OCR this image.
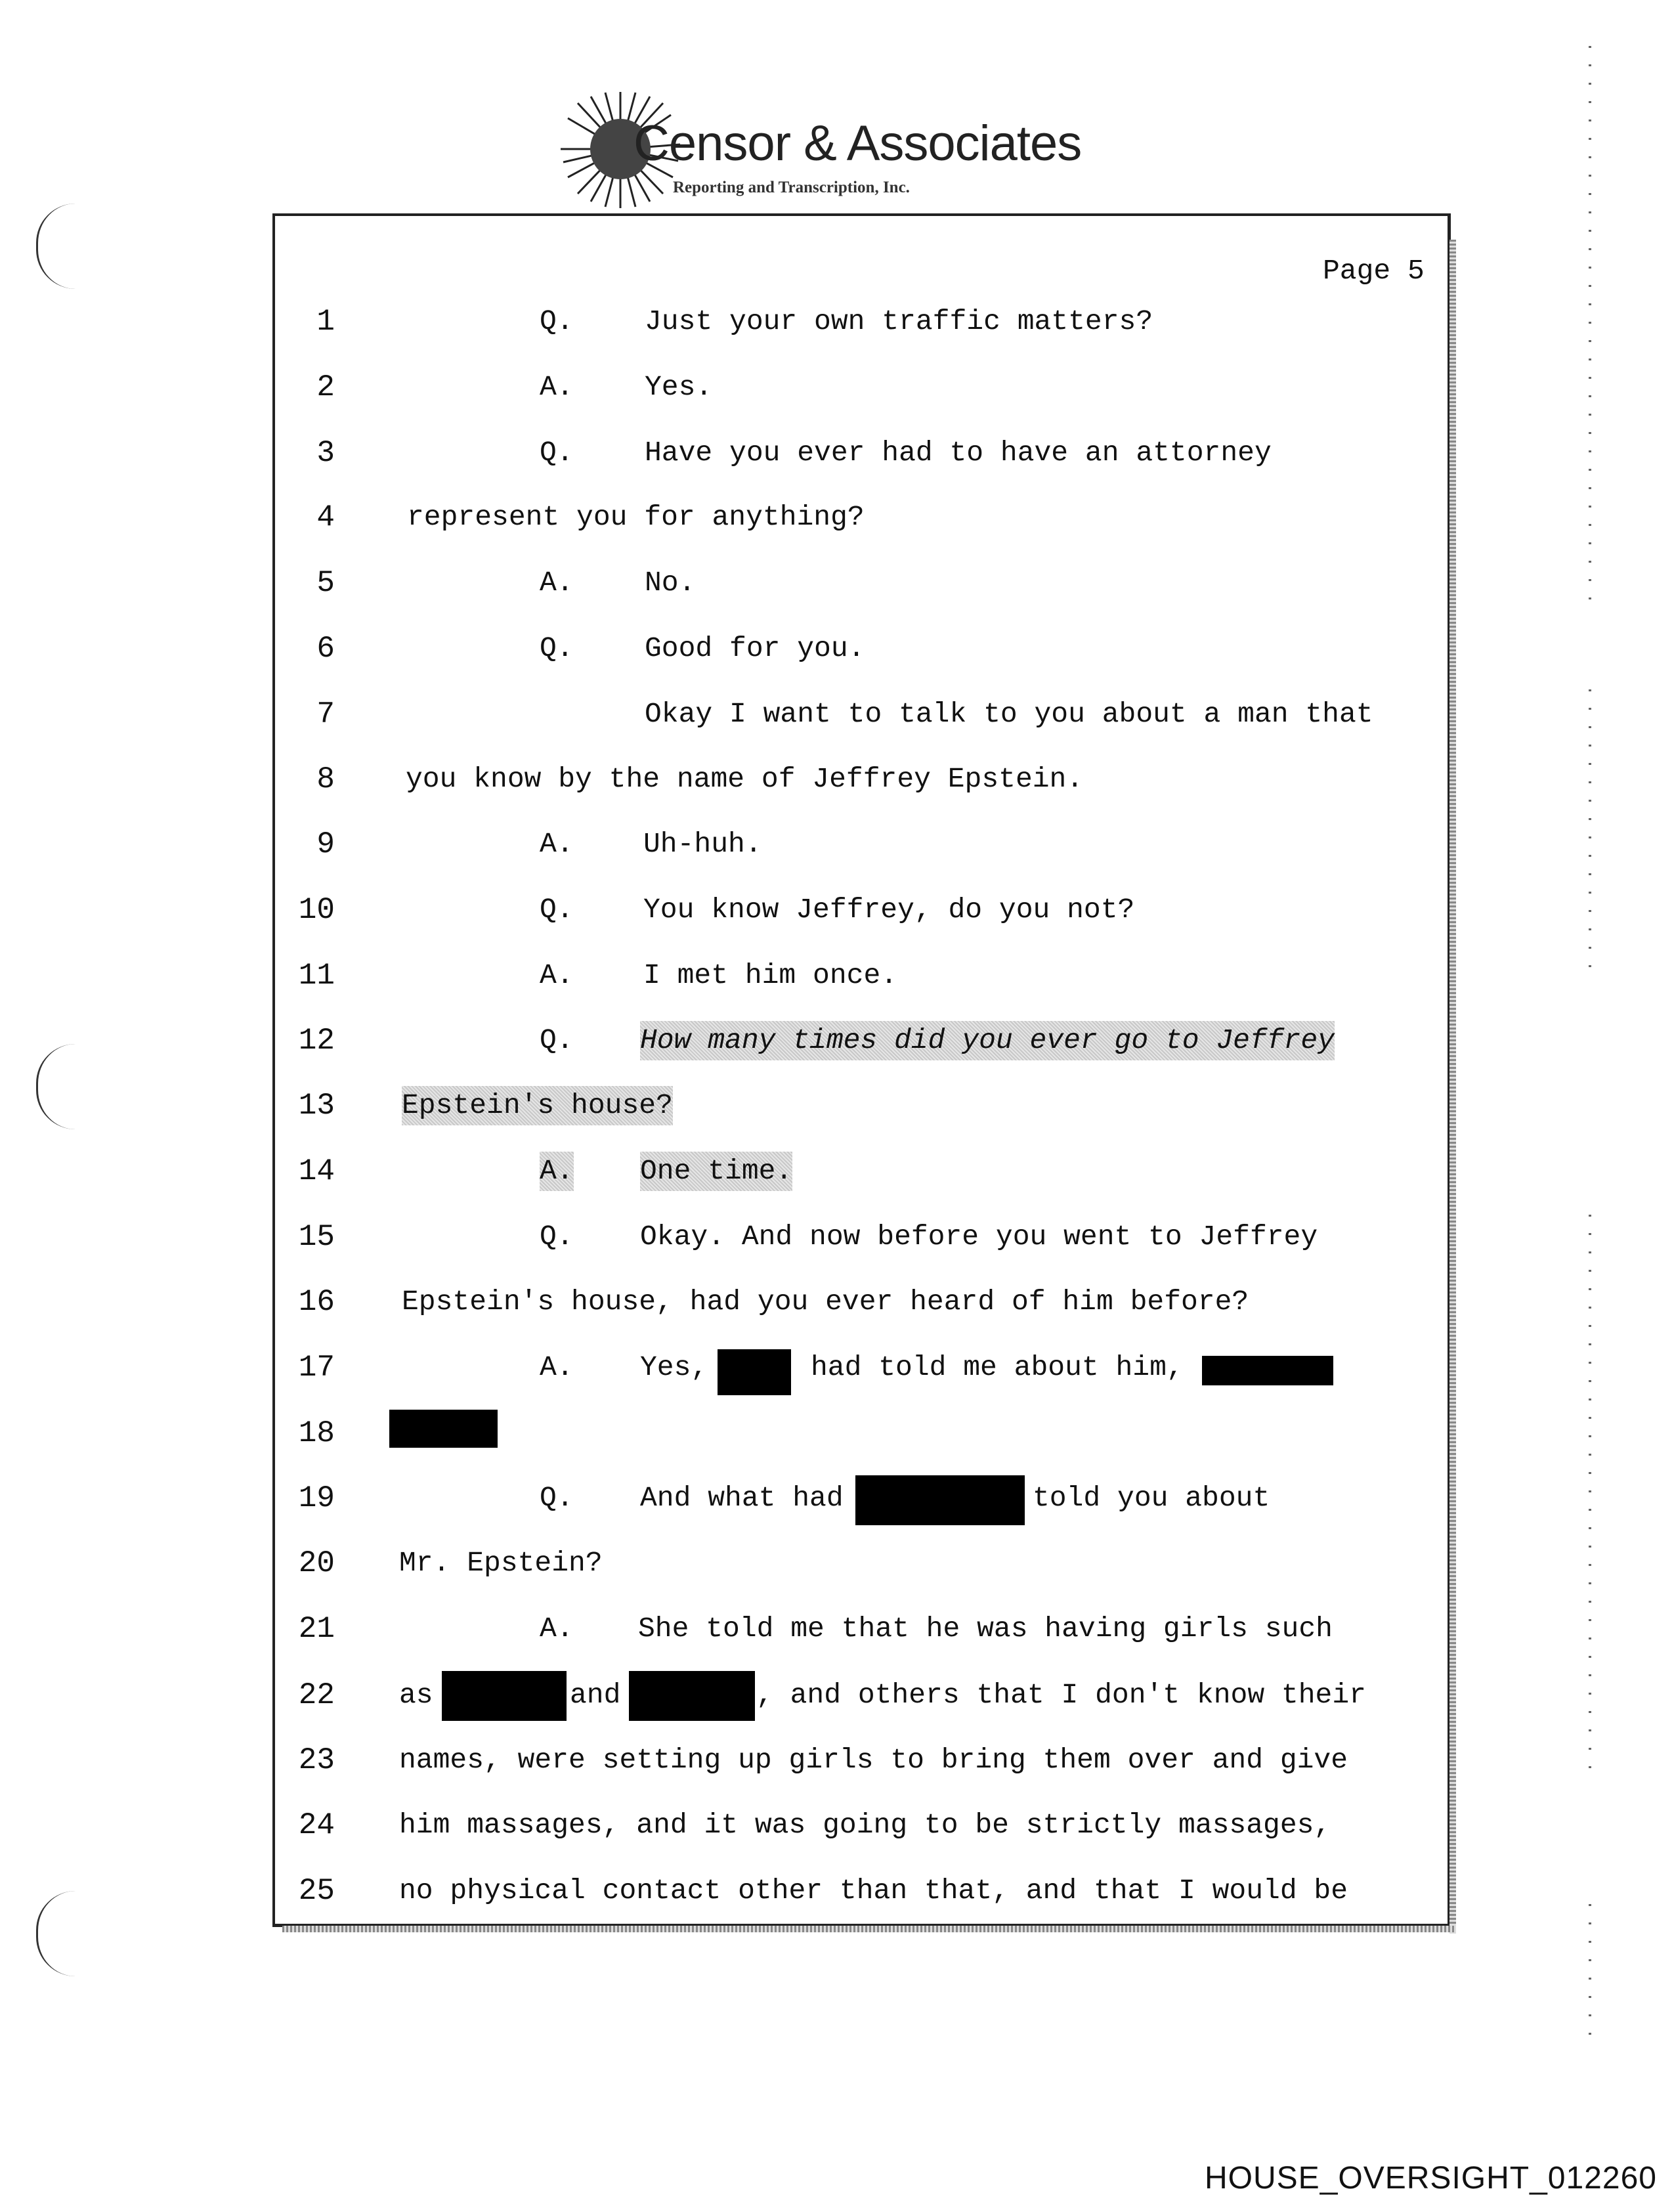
Censor & Associates
Reporting and Transcription, Inc.
Page 5
1	Q.	Just your own traffic matters?
2	A.	Yes.
3	Q.	Have you ever had to have an attorney
4	represent you for anything?
5	A.	No.
6	Q.	Good for you.
7	Okay I want to talk to you about a man that
8	you know by the name of Jeffrey Epstein.
9	A. Uh-huh.
10	Q. You know Jeffrey, do you not?
11	A. I met him once.
12	Q. How many times did you ever go to Jeffrey
13 Epstein's house?
14	A. One time.
15	Q. Okay. And now before you went to Jeffrey
16 Epstein's house, had you ever heard of him before?
17	A. Yes,	had told me about him,
18
19	Q. And what had	told you about
20 Mr. Epstein?
21	A. She told me that he was having girls such
22 as	and	, and others that I don't know their
23 names, were setting up girls to bring them over and give
24 him massages, and it was going to be strictly massages,
25 no physical contact other than that, and that I would be
HOUSE_OVERSIGHT_012260
